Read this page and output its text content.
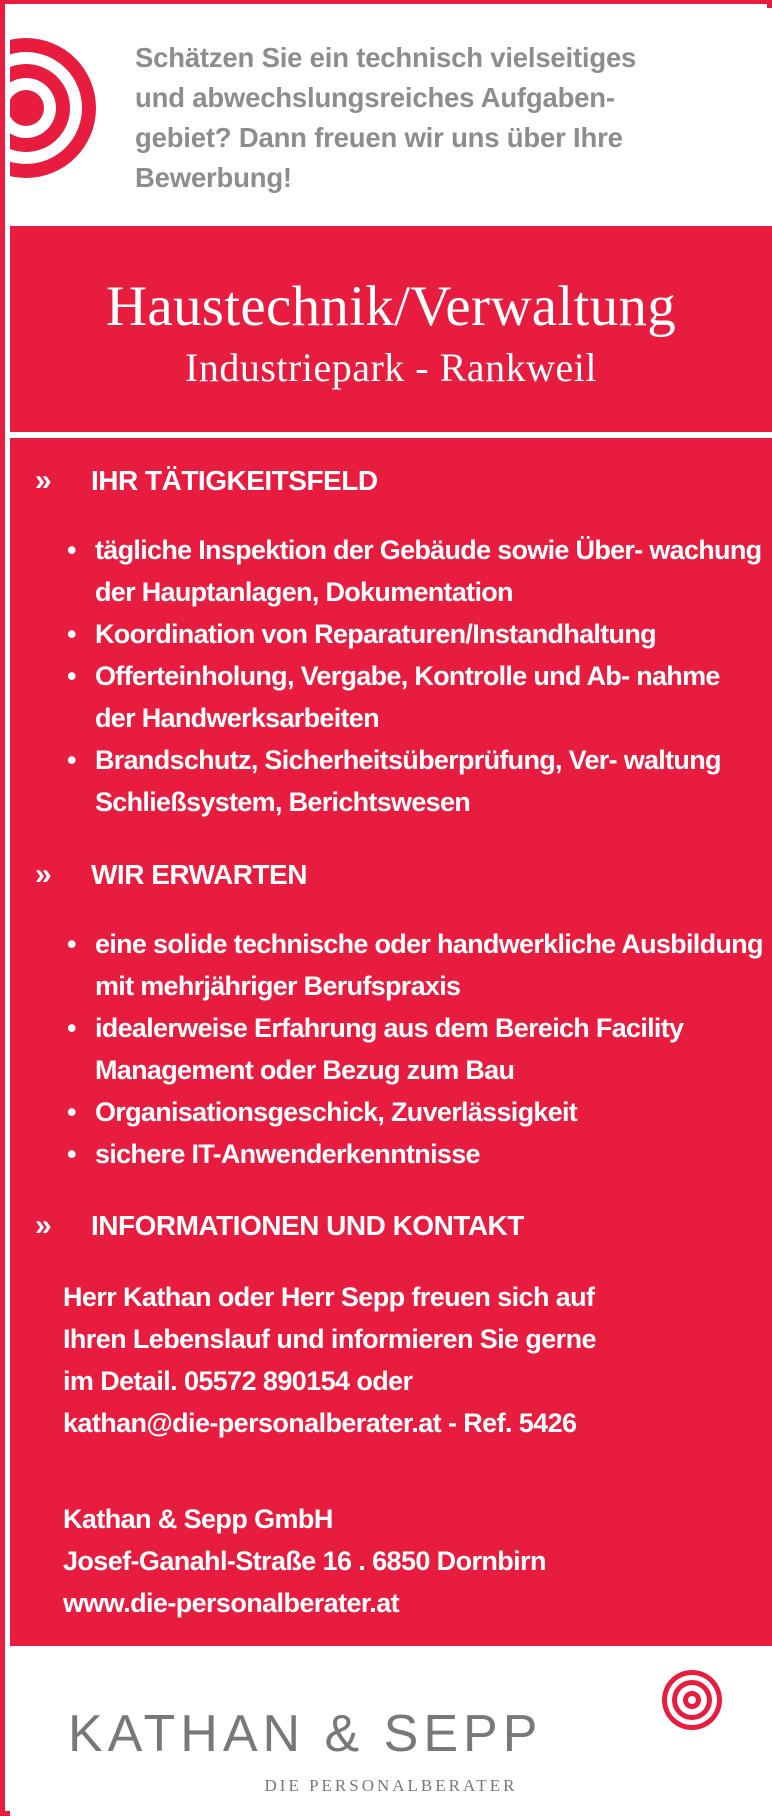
Schätzen Sie ein technisch vielseitiges
und abwechslungsreiches Aufgaben-
gebiet? Dann freuen wir uns über Ihre
Bewerbung!
Haustechnik/Verwaltung
Industriepark - Rankweil
» IHR TÄTIGKEITSFELD
• tägliche Inspektion der Gebäude sowie Über- wachung der Hauptanlagen, Dokumentation
• Koordination von Reparaturen/Instandhaltung
• Offerteinholung, Vergabe, Kontrolle und Ab- nahme der Handwerksarbeiten
• Brandschutz, Sicherheitsüberprüfung, Ver- waltung Schließsystem, Berichtswesen
» WIR ERWARTEN
• eine solide technische oder handwerkliche Ausbildung mit mehrjähriger Berufspraxis
• idealerweise Erfahrung aus dem Bereich Facility Management oder Bezug zum Bau
• Organisationsgeschick, Zuverlässigkeit
• sichere IT-Anwenderkenntnisse
» INFORMATIONEN UND KONTAKT
Herr Kathan oder Herr Sepp freuen sich auf
Ihren Lebenslauf und informieren Sie gerne
im Detail. 05572 890154 oder
kathan@die-personalberater.at - Ref. 5426
Kathan & Sepp GmbH
Josef-Ganahl-Straße 16 . 6850 Dornbirn
www.die-personalberater.at
KATHAN & SEPP
DIE PERSONALBERATER
